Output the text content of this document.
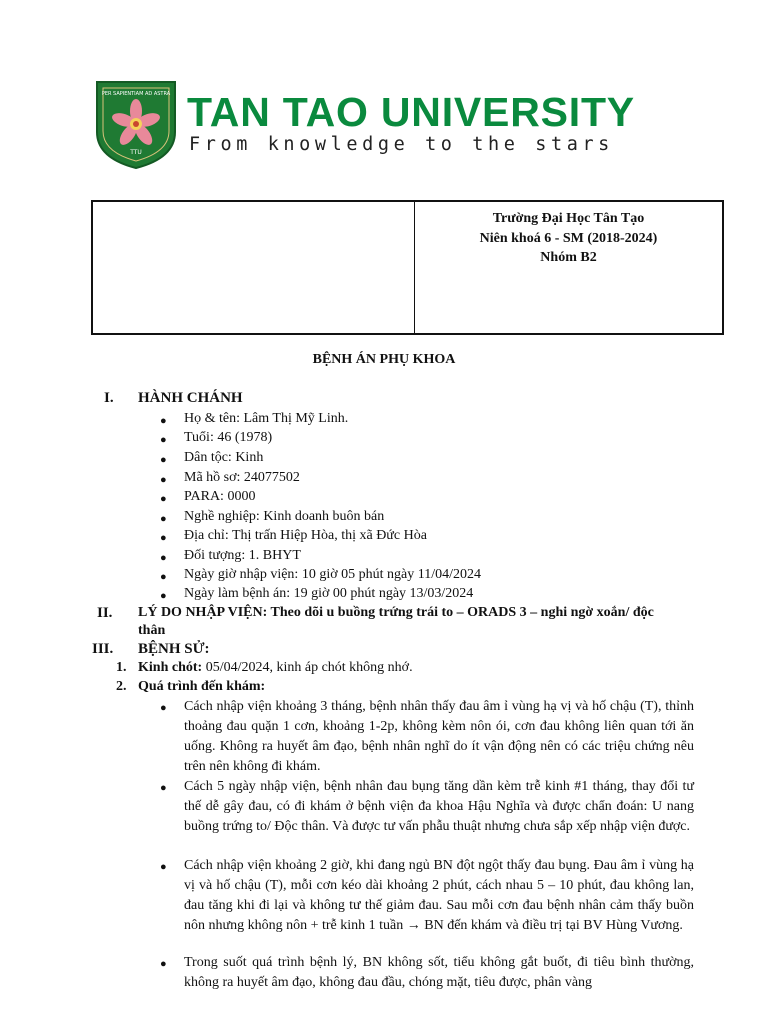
PER SAPIENTIAM AD ASTRA
TTU
TAN TAO UNIVERSITY
From knowledge to the stars
Trường Đại Học Tân Tạo
Niên khoá 6 - SM (2018-2024)
Nhóm B2
BỆNH ÁN PHỤ KHOA
I. HÀNH CHÁNH
● Họ & tên: Lâm Thị Mỹ Linh.
● Tuổi: 46 (1978)
● Dân tộc: Kinh
● Mã hồ sơ: 24077502
● PARA: 0000
● Nghề nghiệp: Kinh doanh buôn bán
● Địa chỉ: Thị trấn Hiệp Hòa, thị xã Đức Hòa
● Đối tượng: 1. BHYT
● Ngày giờ nhập viện: 10 giờ 05 phút ngày 11/04/2024
● Ngày làm bệnh án: 19 giờ 00 phút ngày 13/03/2024
II. LÝ DO NHẬP VIỆN: Theo dõi u buồng trứng trái to – ORADS 3 – nghi ngờ xoắn/ độc
thân
III. BỆNH SỬ:
1. Kinh chót: 05/04/2024, kinh áp chót không nhớ.
2. Quá trình đến khám:
● Cách nhập viện khoảng 3 tháng, bệnh nhân thấy đau âm ỉ vùng hạ vị và hố chậu (T), thỉnh thoảng đau quặn 1 cơn, khoảng 1-2p, không kèm nôn ói, cơn đau không liên quan tới ăn uống. Không ra huyết âm đạo, bệnh nhân nghĩ do ít vận động nên có các triệu chứng nêu trên nên không đi khám.
● Cách 5 ngày nhập viện, bệnh nhân đau bụng tăng dần kèm trễ kinh #1 tháng, thay đổi tư thế dễ gây đau, có đi khám ở bệnh viện đa khoa Hậu Nghĩa và được chẩn đoán: U nang buồng trứng to/ Độc thân. Và được tư vấn phẫu thuật nhưng chưa sắp xếp nhập viện được.
● Cách nhập viện khoảng 2 giờ, khi đang ngủ BN đột ngột thấy đau bụng. Đau âm ỉ vùng hạ vị và hố chậu (T), mỗi cơn kéo dài khoảng 2 phút, cách nhau 5 – 10 phút, đau không lan, đau tăng khi đi lại và không tư thế giảm đau. Sau mỗi cơn đau bệnh nhân cảm thấy buồn nôn nhưng không nôn + trễ kinh 1 tuần → BN đến khám và điều trị tại BV Hùng Vương.
● Trong suốt quá trình bệnh lý, BN không sốt, tiểu không gắt buốt, đi tiêu bình thường, không ra huyết âm đạo, không đau đầu, chóng mặt, tiêu được, phân vàng
